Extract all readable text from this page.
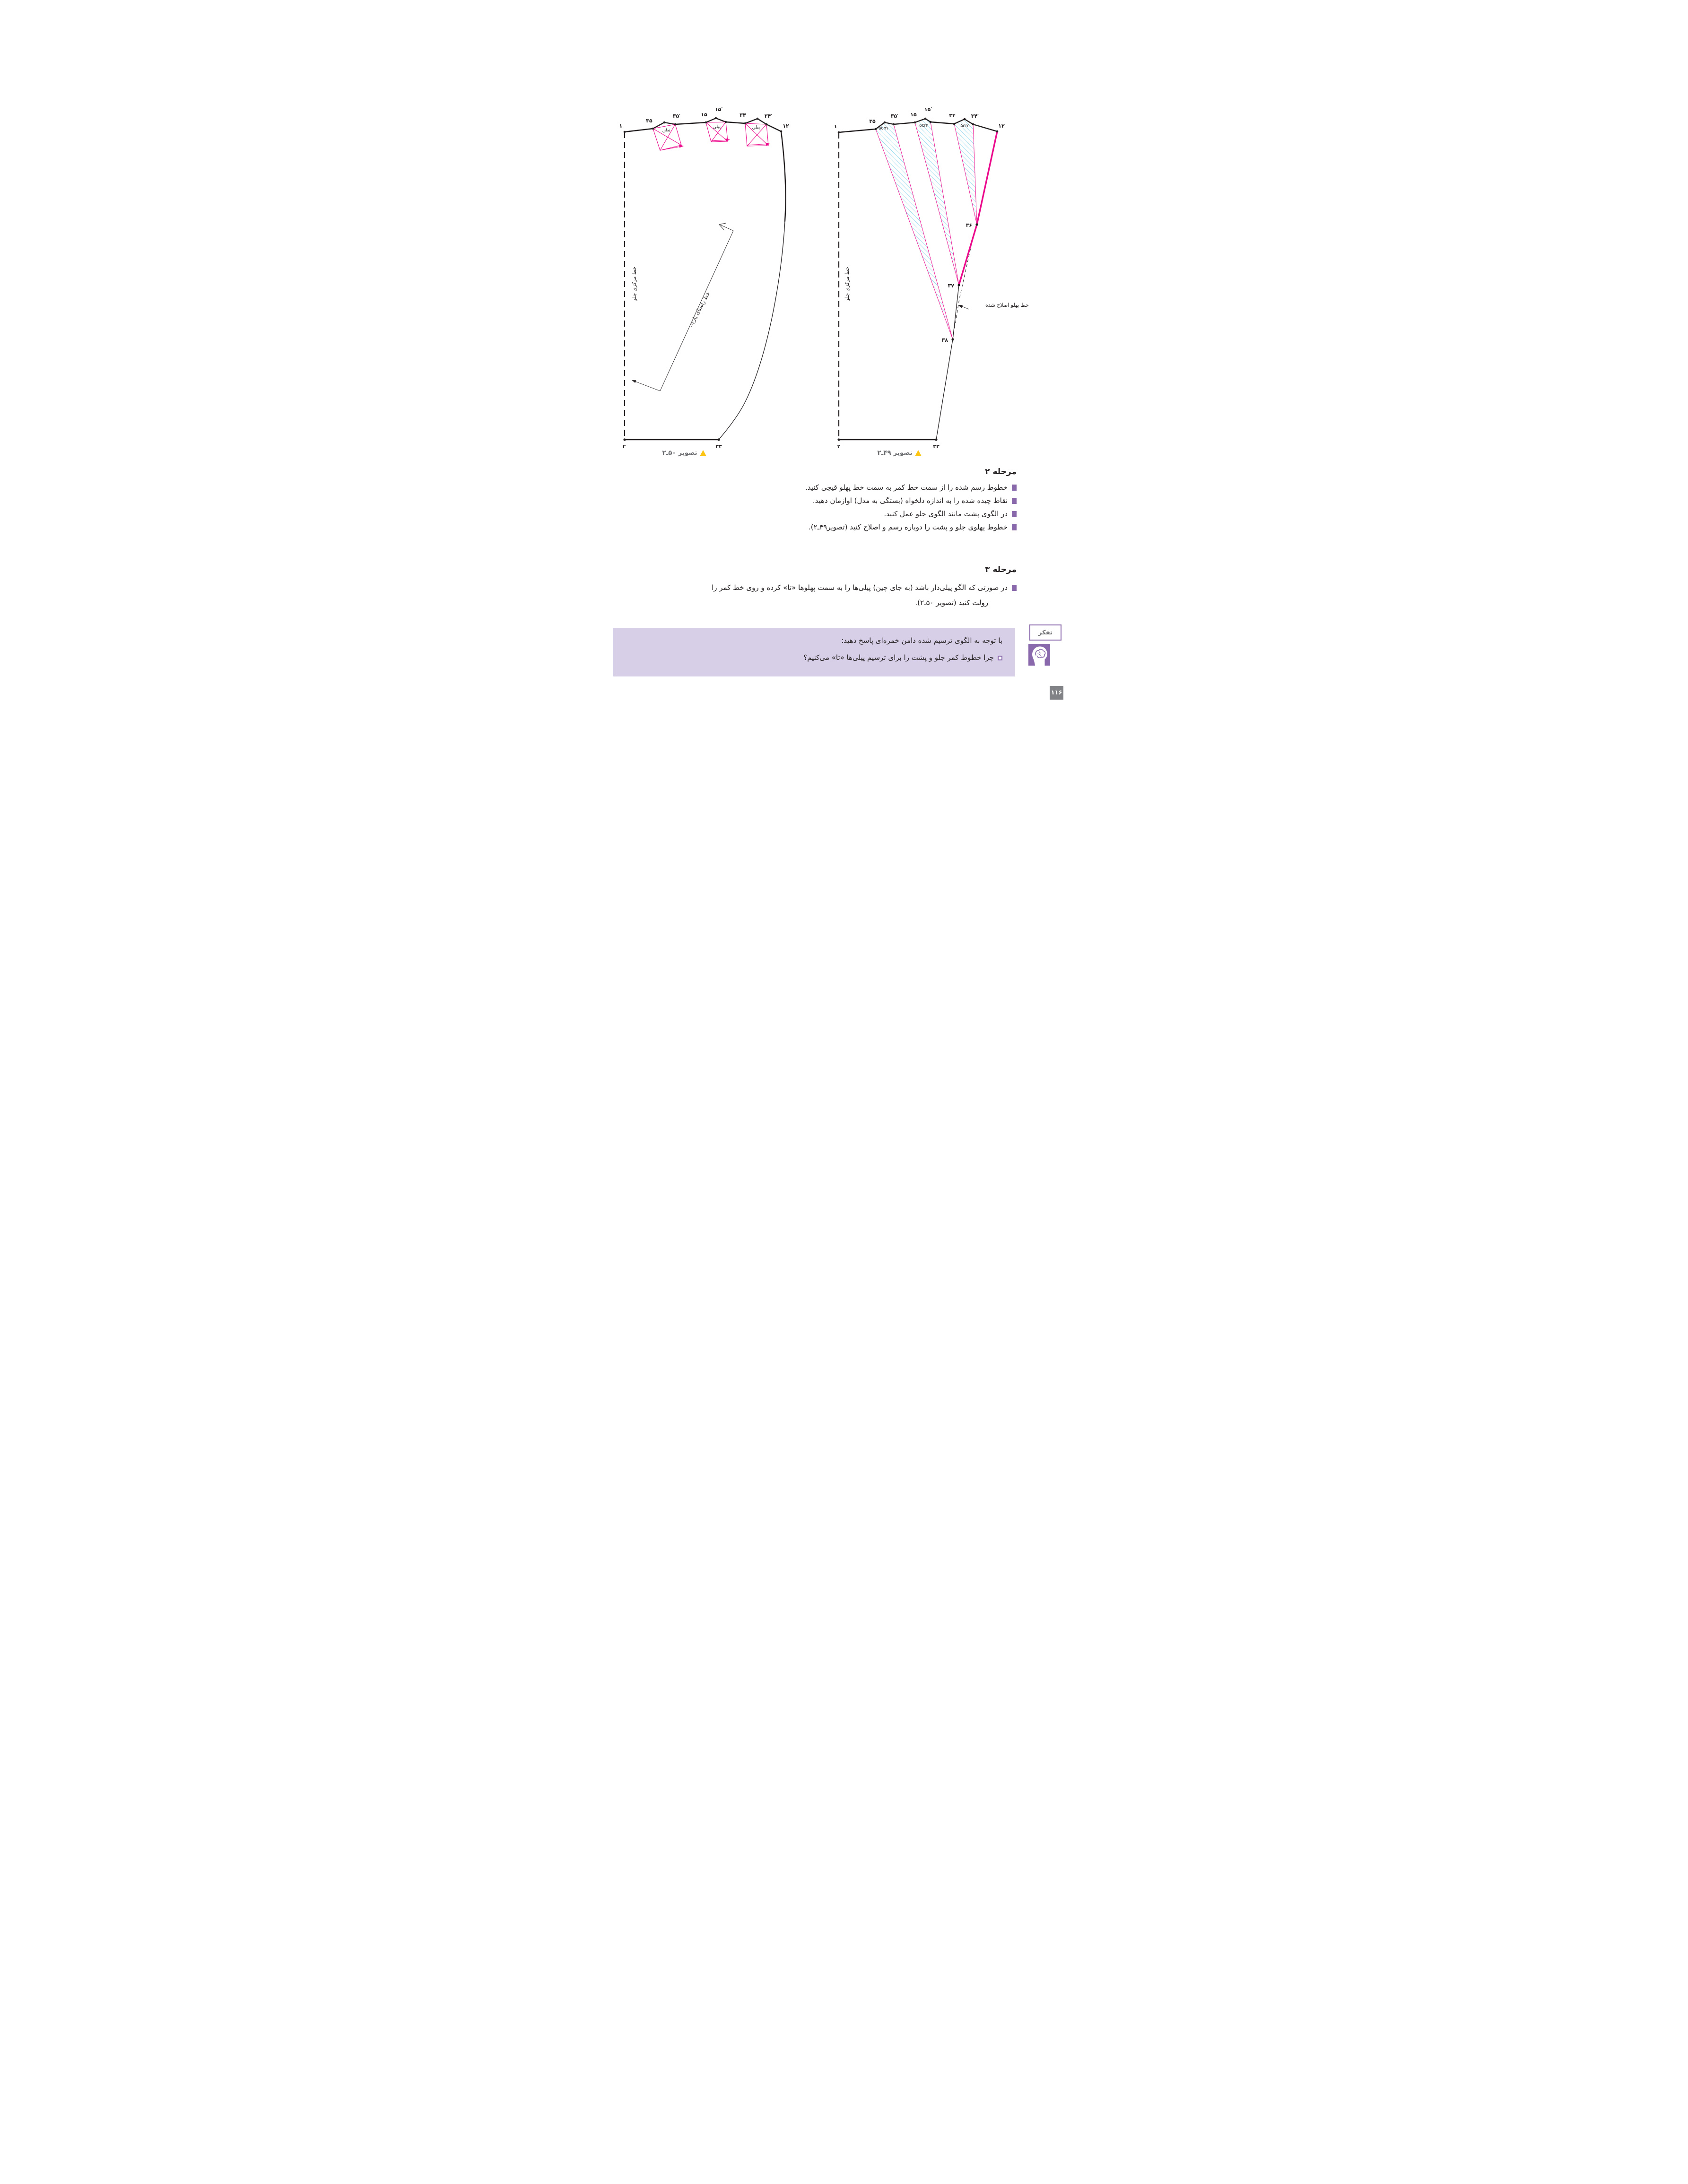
پیلی
پیلی	پیلی
خط راستای پارچه
خط مرکزی جلو
۱
۳۵
۳۵′	۱۵
۱۵′
۳۴	۳۴′
۱۲
۲	۳۳
۵cm
۵cm	۵cm
خط پهلو اصلاح شده
خط مرکزی جلو
۱
۳۵
۳۵′ ۱۵
۱۵′
۳۴	۳۴′
۱۲
۳۶
۳۷
۳۸
۲	۳۳
تصویر ۵۰ـ۲	تصویر ۴۹ـ۲
مرحله ۲
خطوط رسم شده را از سمت خط کمر به سمت خط پهلو قیچی کنید.
نقاط چیده شده را به اندازه دلخواه (بستگی به مدل) اوازمان دهید.
در الگوی پشت مانند الگوی جلو عمل کنید.
خطوط پهلوی جلو و پشت را دوباره رسم و اصلاح کنید (تصویر۴۹ـ۲).
مرحله ۳
در صورتی که الگو پیلی‌دار باشد (به جای چین) پیلی‌ها را به سمت پهلوها «تا» کرده و روی خط کمر را
رولت کنید (تصویر ۵۰ـ۲).
با توجه به الگوی ترسیم شده دامن خمره‌ای پاسخ دهید:
چرا خطوط کمر جلو و پشت را برای ترسیم پیلی‌ها «تا» می‌کنیم؟
تفکر
۱۱۶
